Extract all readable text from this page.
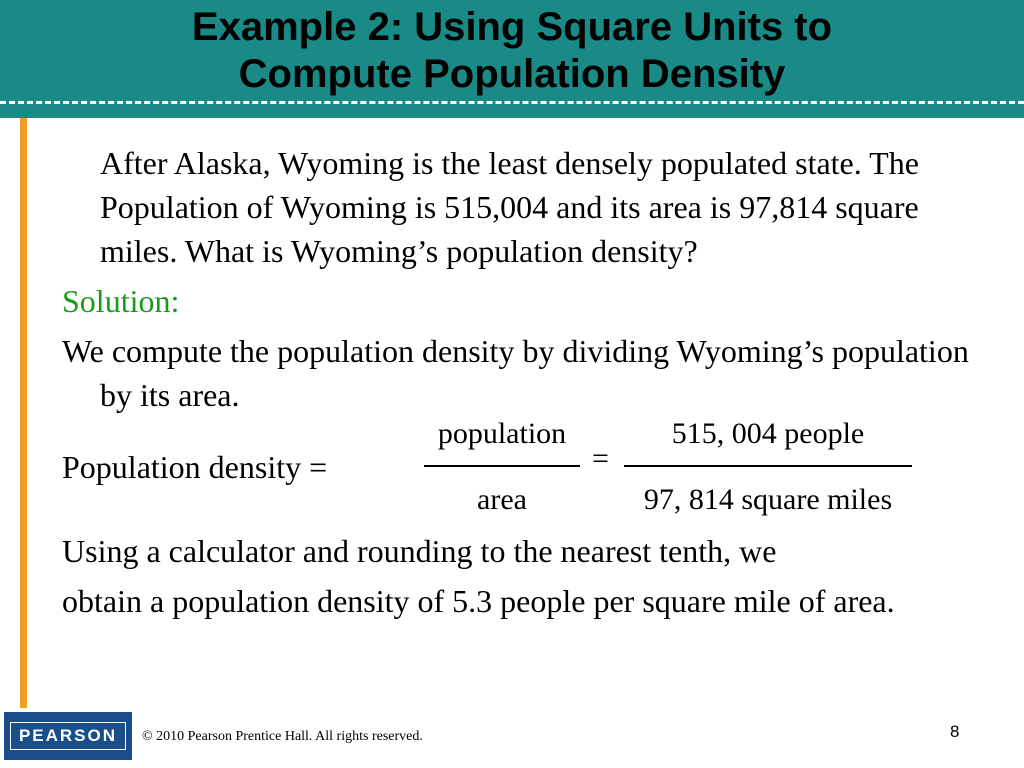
Example 2: Using Square Units to
Compute Population Density

After Alaska, Wyoming is the least densely populated state. The Population of Wyoming is 515,004 and its area is 97,814 square miles. What is Wyoming’s population density?

Solution:

We compute the population density by dividing Wyoming’s population by its area.

Population density =
population
area
=
515, 004 people
97, 814 square miles

Using a calculator and rounding to the nearest tenth, we

obtain a population density of 5.3 people per square mile of area.

PEARSON	© 2010 Pearson Prentice Hall. All rights reserved.	8
